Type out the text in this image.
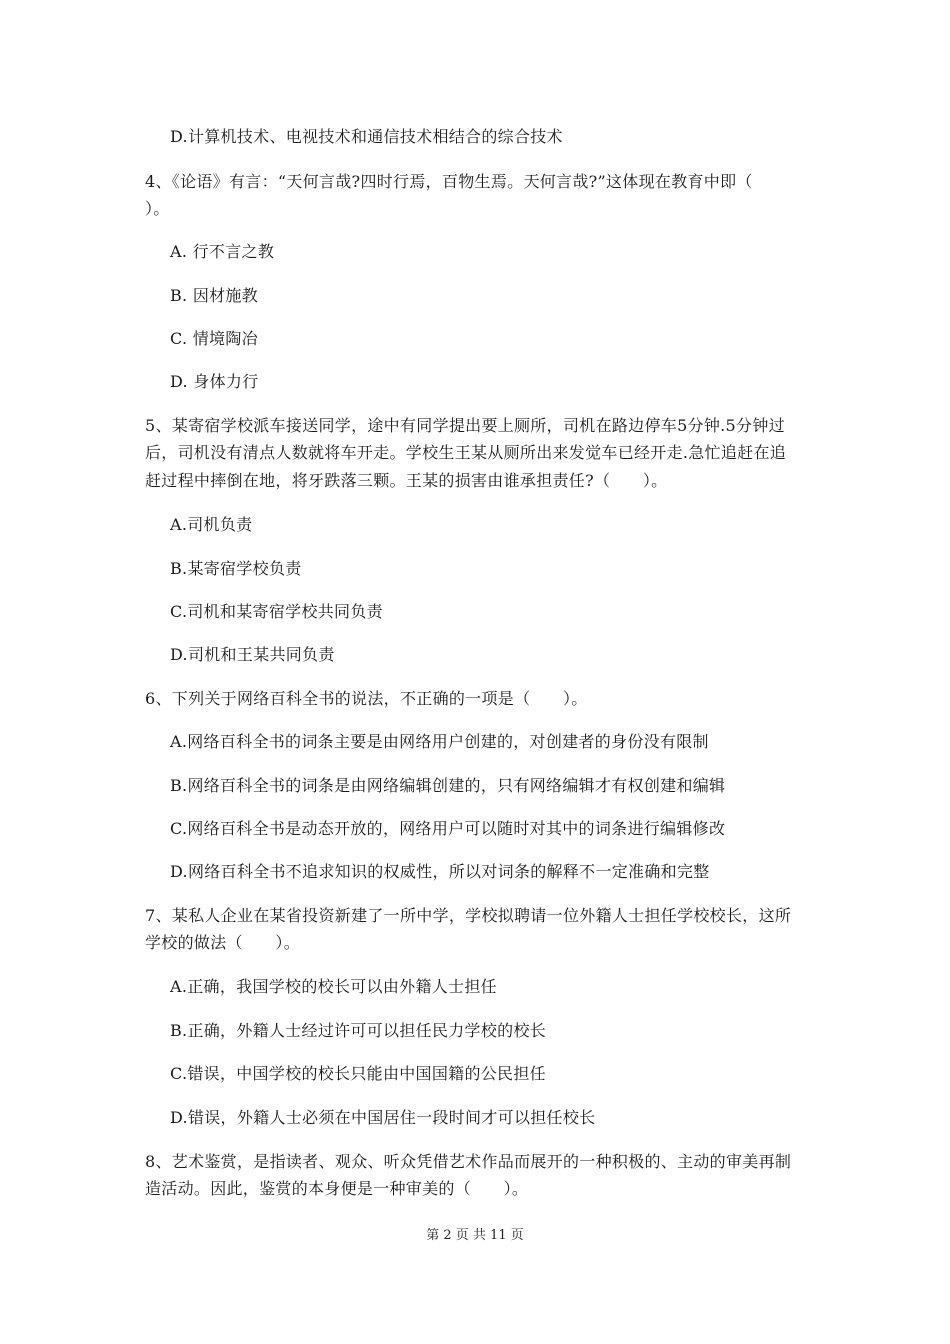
D.计算机技术、电视技术和通信技术相结合的综合技术
4、《论语》有言：“天何言哉?四时行焉，百物生焉。天何言哉?”这体现在教育中即（
）。
A. 行不言之教
B. 因材施教
C. 情境陶冶
D. 身体力行
5、某寄宿学校派车接送同学，途中有同学提出要上厕所，司机在路边停车5分钟.5分钟过
后，司机没有清点人数就将车开走。学校生王某从厕所出来发觉车已经开走.急忙追赶在追
赶过程中摔倒在地，将牙跌落三颗。王某的损害由谁承担责任?（　　）。
A.司机负责
B.某寄宿学校负责
C.司机和某寄宿学校共同负责
D.司机和王某共同负责
6、下列关于网络百科全书的说法，不正确的一项是（　　）。
A.网络百科全书的词条主要是由网络用户创建的，对创建者的身份没有限制
B.网络百科全书的词条是由网络编辑创建的，只有网络编辑才有权创建和编辑
C.网络百科全书是动态开放的，网络用户可以随时对其中的词条进行编辑修改
D.网络百科全书不追求知识的权威性，所以对词条的解释不一定准确和完整
7、某私人企业在某省投资新建了一所中学，学校拟聘请一位外籍人士担任学校校长，这所
学校的做法（　　）。
A.正确，我国学校的校长可以由外籍人士担任
B.正确，外籍人士经过许可可以担任民力学校的校长
C.错误，中国学校的校长只能由中国国籍的公民担任
D.错误，外籍人士必须在中国居住一段时间才可以担任校长
8、艺术鉴赏，是指读者、观众、听众凭借艺术作品而展开的一种积极的、主动的审美再制
造活动。因此，鉴赏的本身便是一种审美的（　　）。
第 2 页 共 11 页
